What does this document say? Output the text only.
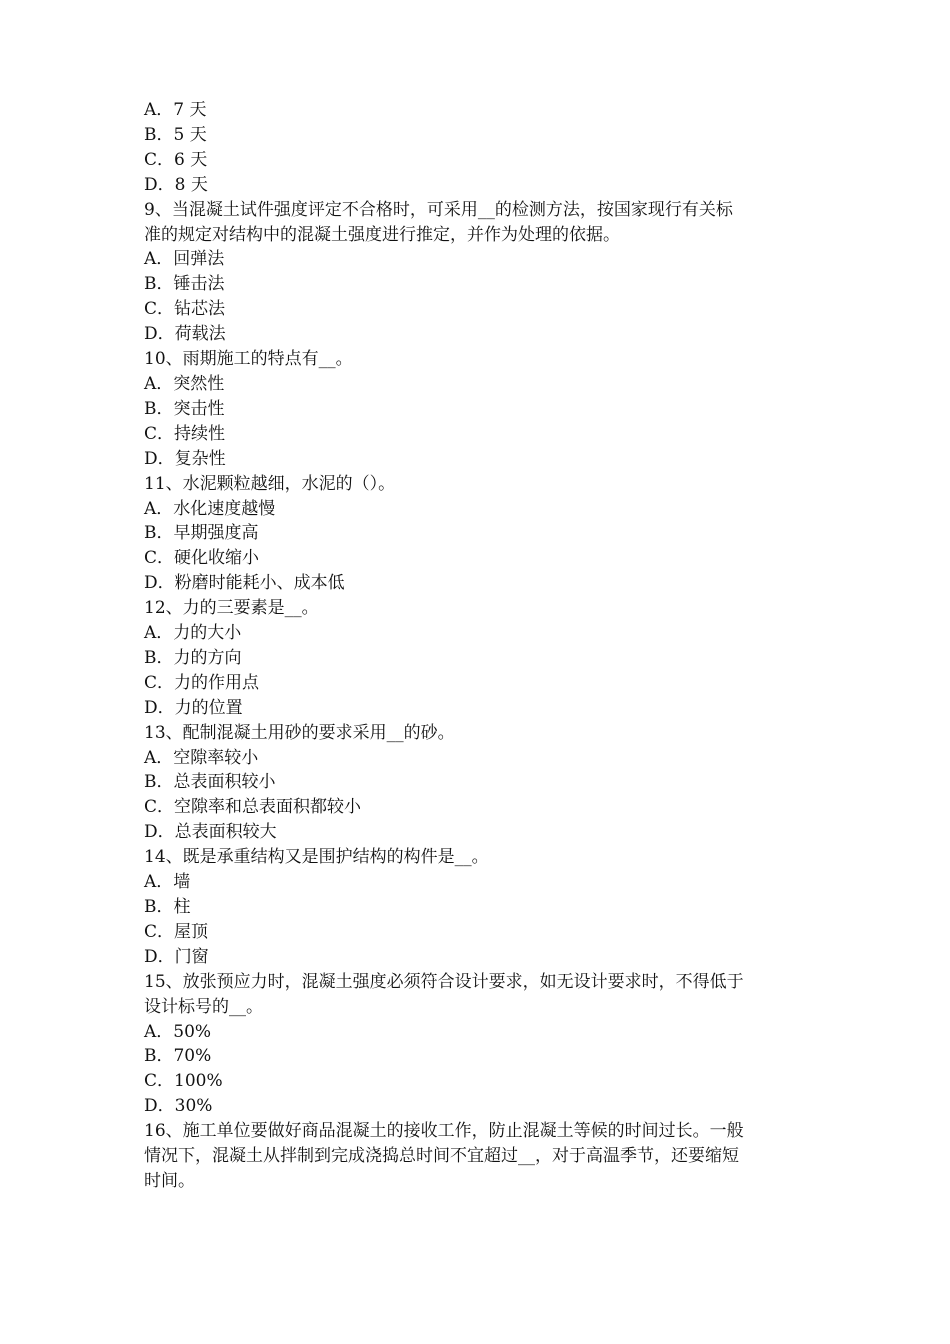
A．7 天
B．5 天
C．6 天
D．8 天
9、当混凝土试件强度评定不合格时，可采用__的检测方法，按国家现行有关标
准的规定对结构中的混凝土强度进行推定，并作为处理的依据。
A．回弹法
B．锤击法
C．钻芯法
D．荷载法
10、雨期施工的特点有__。
A．突然性
B．突击性
C．持续性
D．复杂性
11、水泥颗粒越细，水泥的（）。
A．水化速度越慢
B．早期强度高
C．硬化收缩小
D．粉磨时能耗小、成本低
12、力的三要素是__。
A．力的大小
B．力的方向
C．力的作用点
D．力的位置
13、配制混凝土用砂的要求采用__的砂。
A．空隙率较小
B．总表面积较小
C．空隙率和总表面积都较小
D．总表面积较大
14、既是承重结构又是围护结构的构件是__。
A．墙
B．柱
C．屋顶
D．门窗
15、放张预应力时，混凝土强度必须符合设计要求，如无设计要求时，不得低于
设计标号的__。
A．50%
B．70%
C．100%
D．30%
16、施工单位要做好商品混凝土的接收工作，防止混凝土等候的时间过长。一般
情况下，混凝土从拌制到完成浇捣总时间不宜超过__，对于高温季节，还要缩短
时间。
